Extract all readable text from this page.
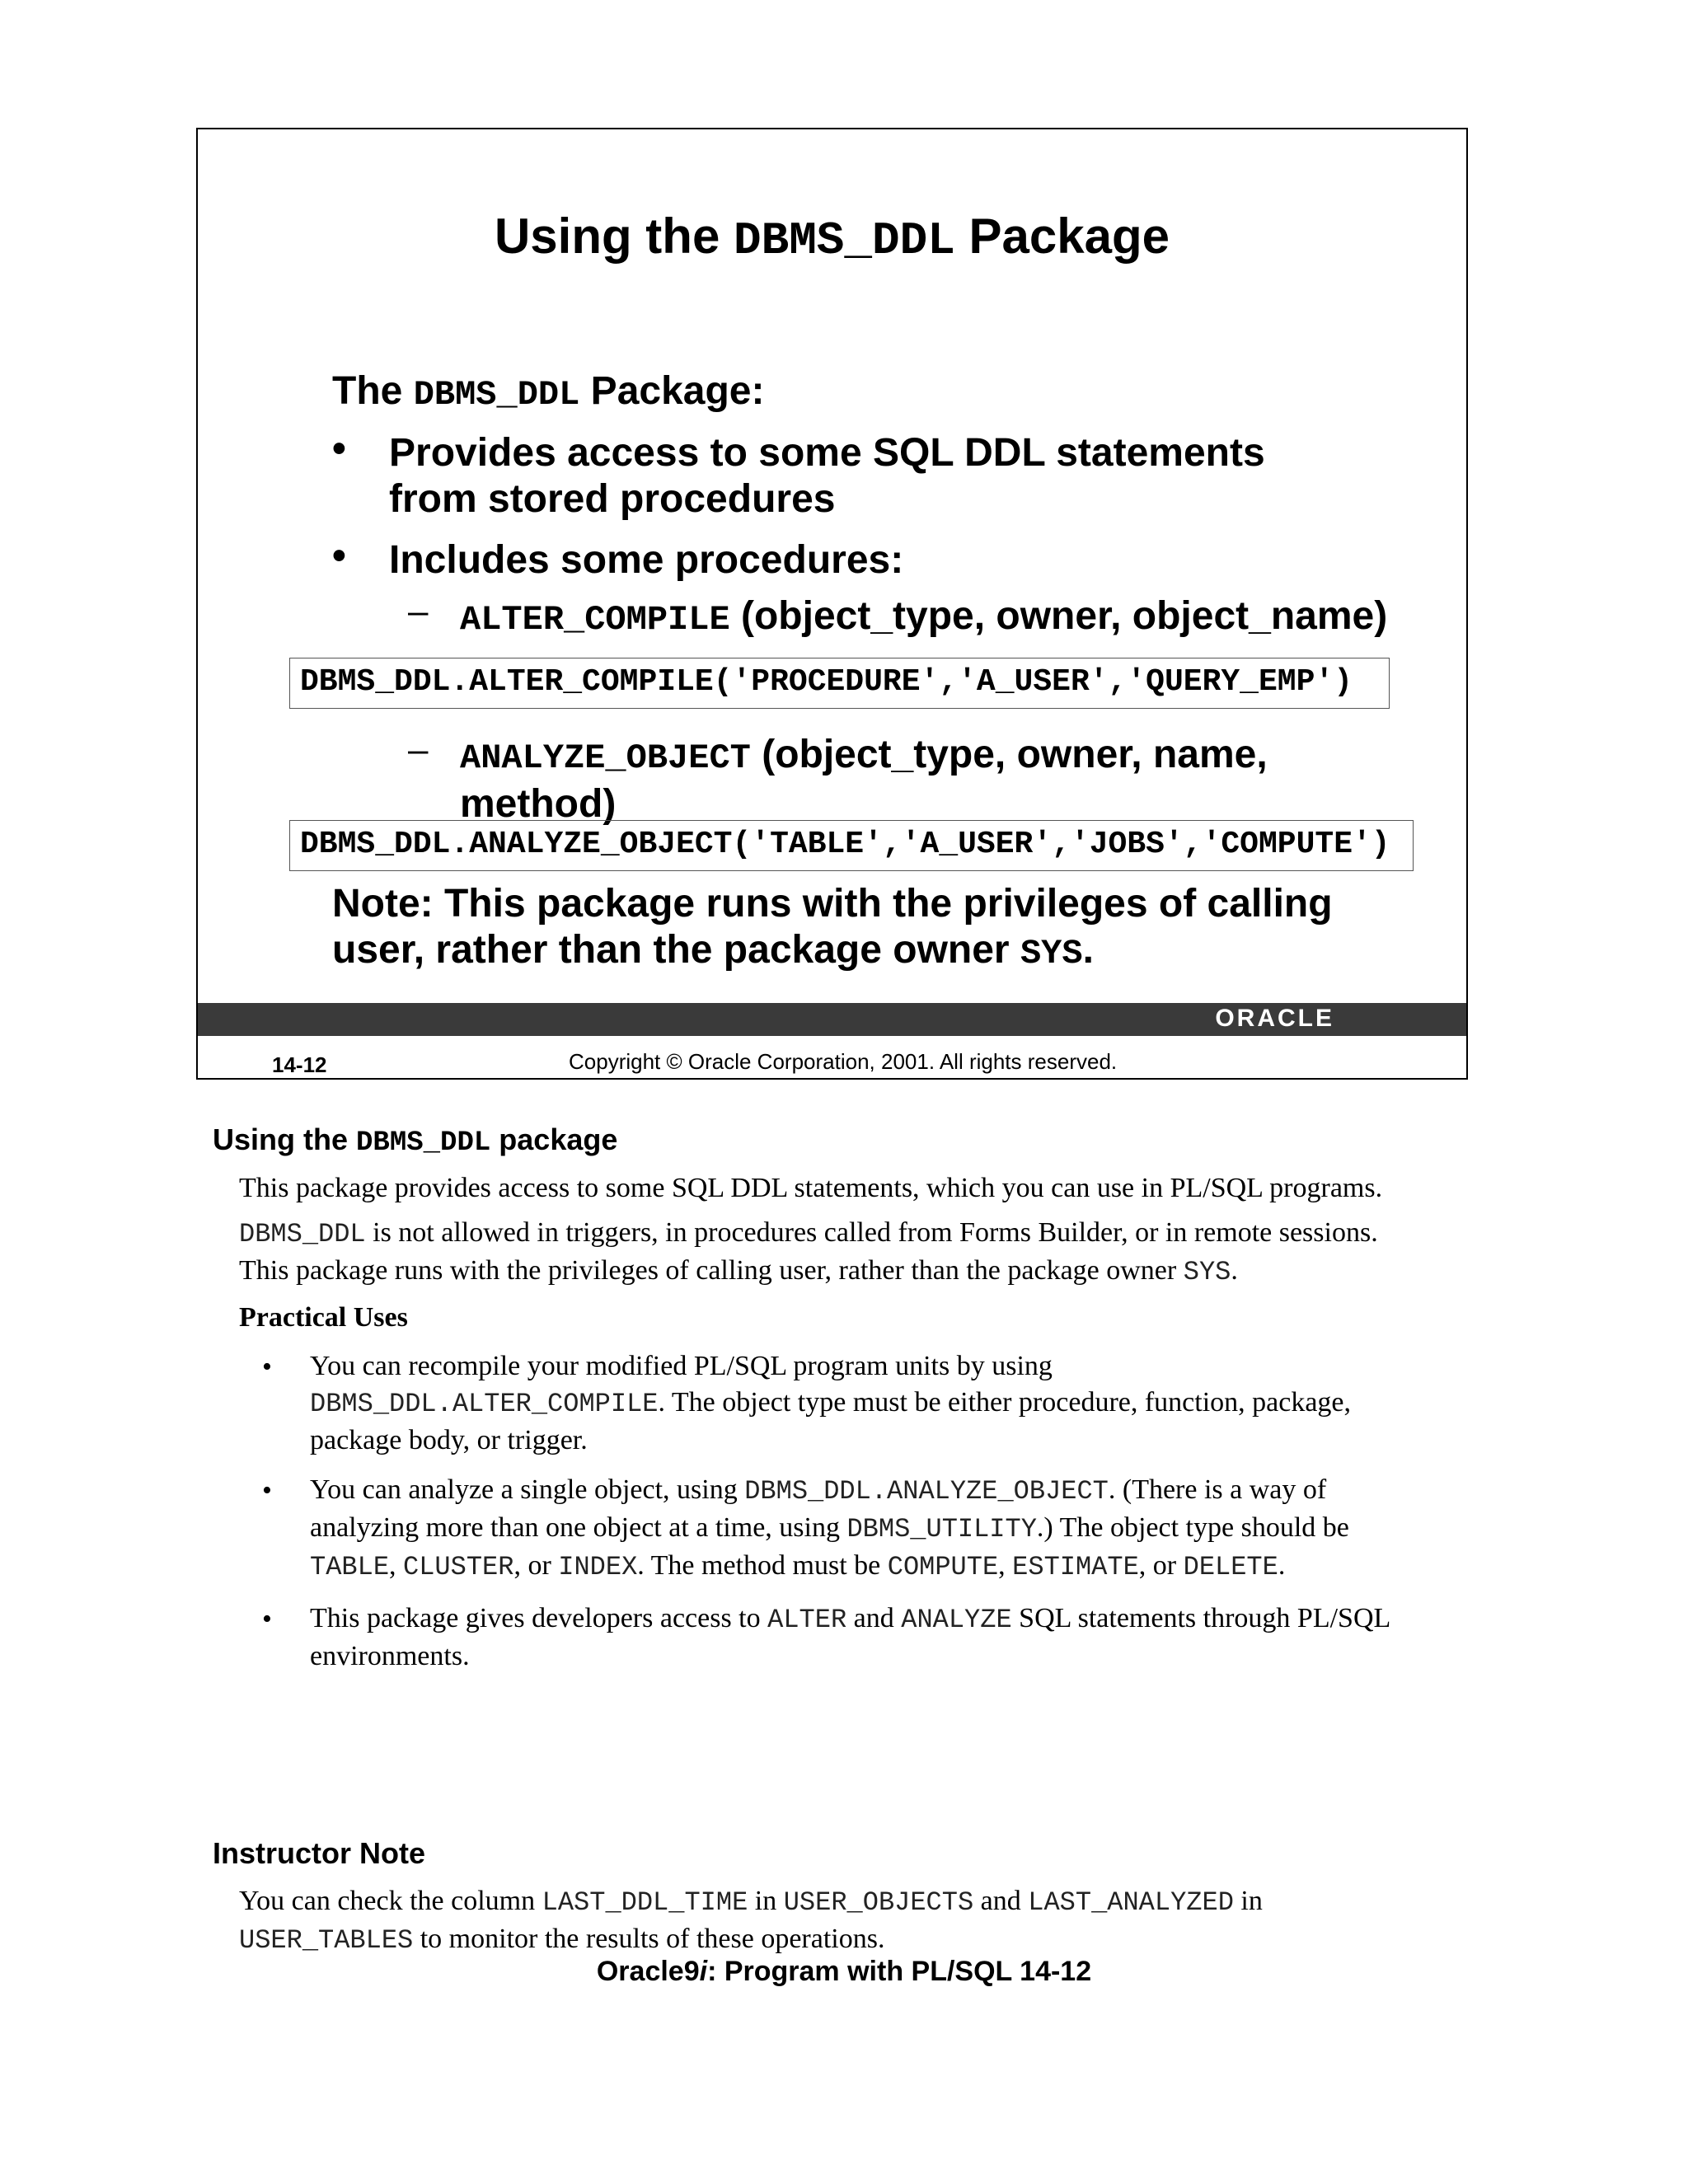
Using the DBMS_DDL Package
The DBMS_DDL Package:
• Provides access to some SQL DDL statements
from stored procedures
• Includes some procedures:
– ALTER_COMPILE (object_type, owner, object_name)
DBMS_DDL.ALTER_COMPILE('PROCEDURE','A_USER','QUERY_EMP')
– ANALYZE_OBJECT (object_type, owner, name,
method)
DBMS_DDL.ANALYZE_OBJECT('TABLE','A_USER','JOBS','COMPUTE')
Note: This package runs with the privileges of calling
user, rather than the package owner SYS.
ORACLE
14-12	Copyright © Oracle Corporation, 2001. All rights reserved.
Using the DBMS_DDL package
This package provides access to some SQL DDL statements, which you can use in PL/SQL programs.
DBMS_DDL is not allowed in triggers, in procedures called from Forms Builder, or in remote sessions.
This package runs with the privileges of calling user, rather than the package owner SYS.
Practical Uses
• You can recompile your modified PL/SQL program units by using
DBMS_DDL.ALTER_COMPILE. The object type must be either procedure, function, package,
package body, or trigger.
• You can analyze a single object, using DBMS_DDL.ANALYZE_OBJECT. (There is a way of
analyzing more than one object at a time, using DBMS_UTILITY.) The object type should be
TABLE, CLUSTER, or INDEX. The method must be COMPUTE, ESTIMATE, or DELETE.
• This package gives developers access to ALTER and ANALYZE SQL statements through PL/SQL
environments.
Instructor Note
You can check the column LAST_DDL_TIME in USER_OBJECTS and LAST_ANALYZED in
USER_TABLES to monitor the results of these operations.
Oracle9i: Program with PL/SQL 14-12
